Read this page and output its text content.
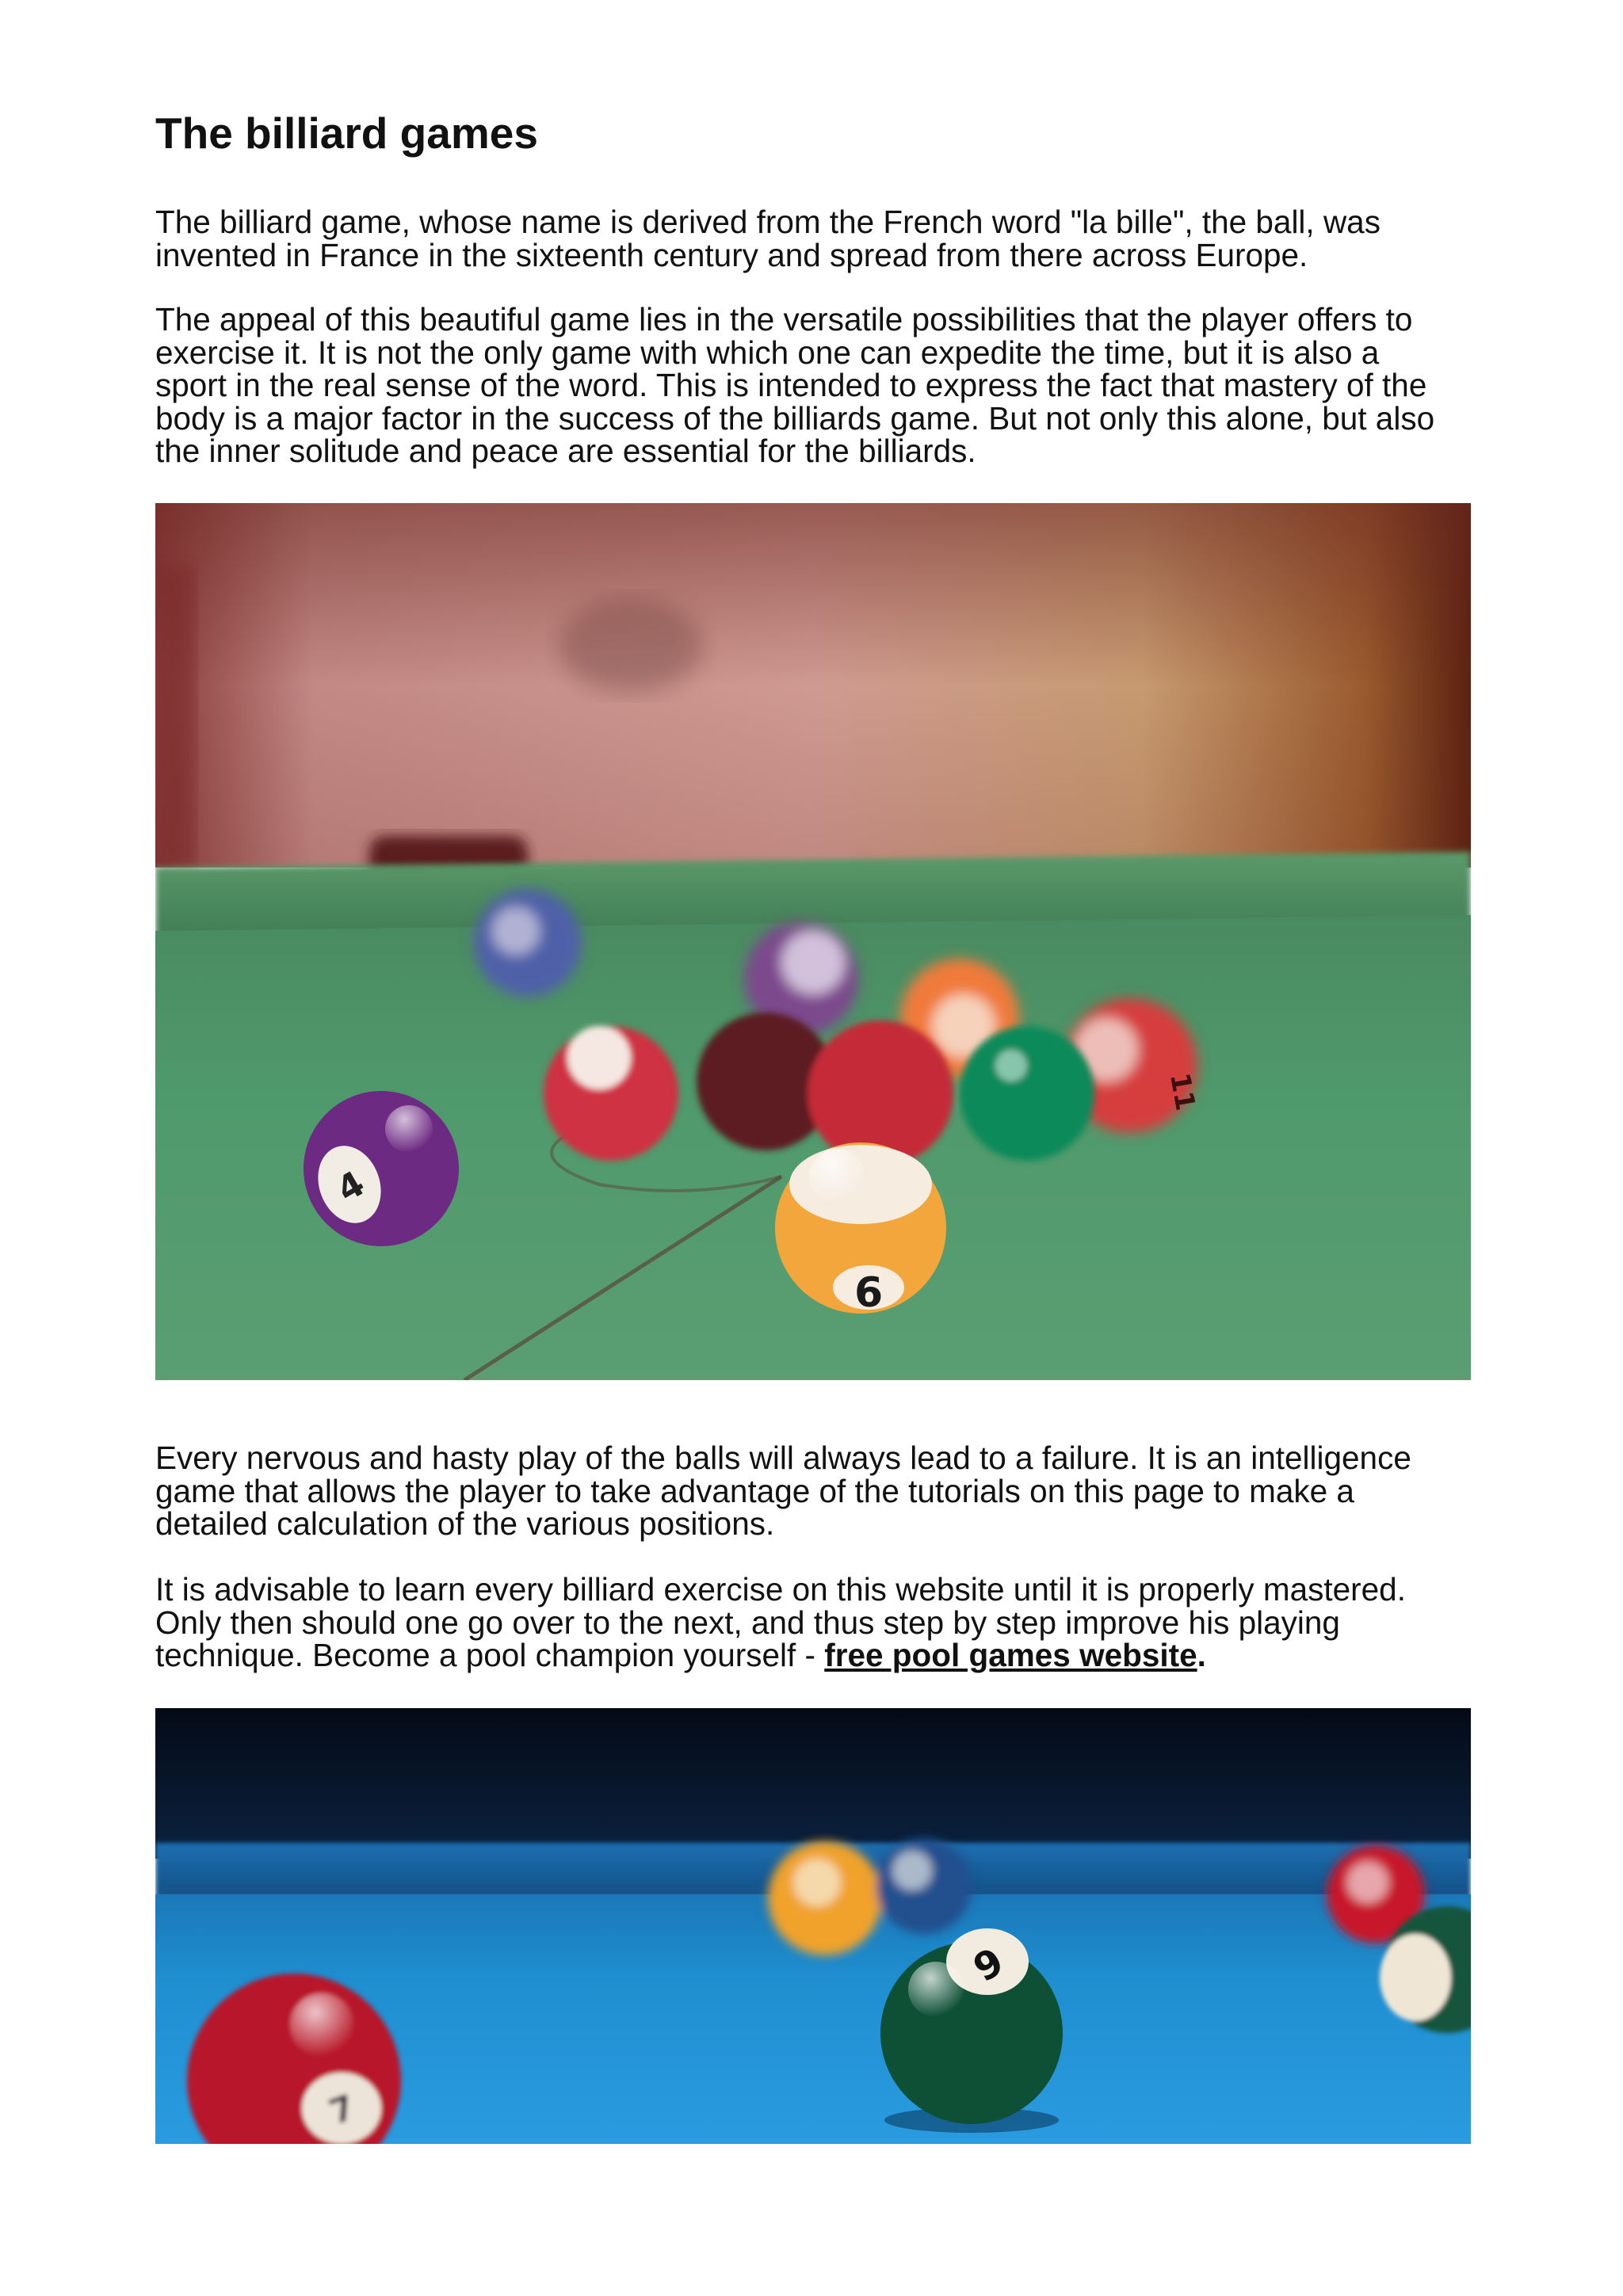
The billiard games

The billiard game, whose name is derived from the French word "la bille", the ball, was
invented in France in the sixteenth century and spread from there across Europe.

The appeal of this beautiful game lies in the versatile possibilities that the player offers to
exercise it. It is not the only game with which one can expedite the time, but it is also a
sport in the real sense of the word. This is intended to express the fact that mastery of the
body is a major factor in the success of the billiards game. But not only this alone, but also
the inner solitude and peace are essential for the billiards.

4
9
11

Every nervous and hasty play of the balls will always lead to a failure. It is an intelligence
game that allows the player to take advantage of the tutorials on this page to make a
detailed calculation of the various positions.

It is advisable to learn every billiard exercise on this website until it is properly mastered.
Only then should one go over to the next, and thus step by step improve his playing
technique. Become a pool champion yourself - free pool games website.

7
6
